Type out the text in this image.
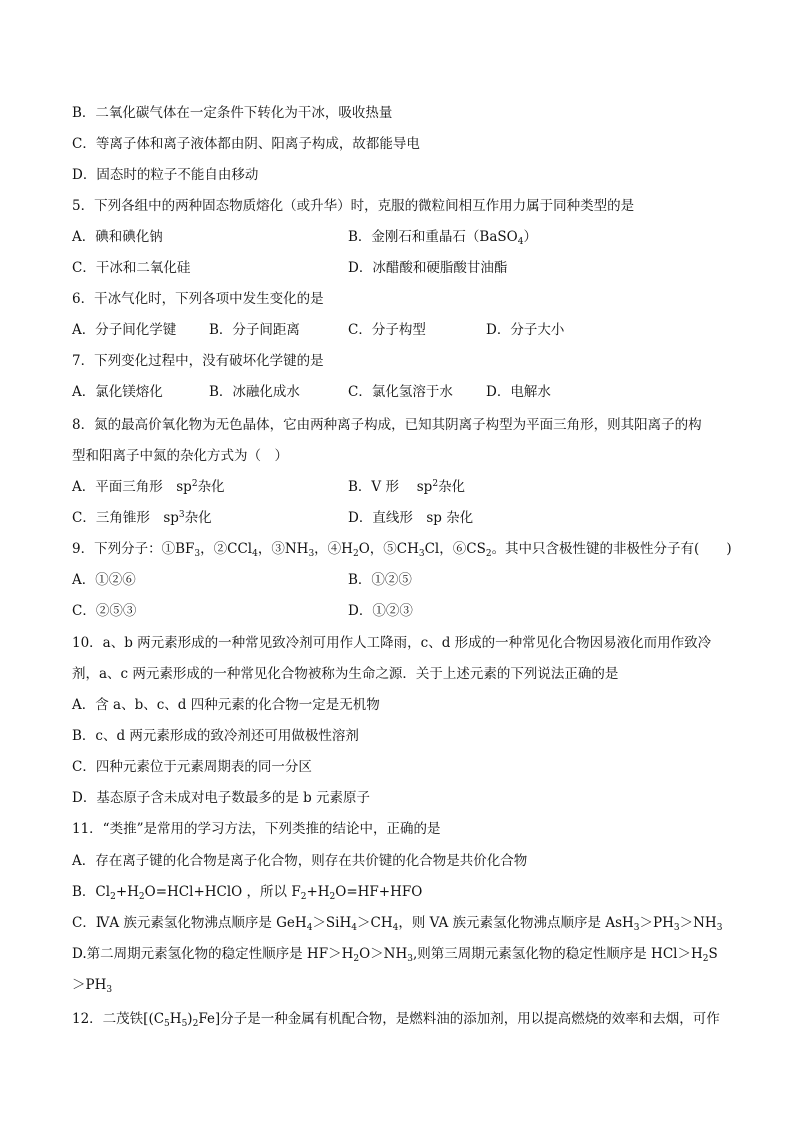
B．二氧化碳气体在一定条件下转化为干冰，吸收热量
C．等离子体和离子液体都由阴、阳离子构成，故都能导电
D．固态时的粒子不能自由移动
5．下列各组中的两种固态物质熔化（或升华）时，克服的微粒间相互作用力属于同种类型的是
A．碘和碘化钠	B．金刚石和重晶石（BaSO$_4$）
C．干冰和二氧化硅	D．冰醋酸和硬脂酸甘油酯
6．干冰气化时，下列各项中发生变化的是
A．分子间化学键 B．分子间距离	C．分子构型	D．分子大小
7．下列变化过程中，没有破坏化学键的是
A．氯化镁熔化	B．冰融化成水	C．氯化氢溶于水 D．电解水
8．氮的最高价氧化物为无色晶体，它由两种离子构成，已知其阴离子构型为平面三角形，则其阳离子的构
型和阳离子中氮的杂化方式为（　）
A．平面三角形　$sp^2$杂化	B．V 形　 $sp^2$杂化
C．三角锥形　$sp^3$杂化	D．直线形　sp 杂化
9．下列分子：$①BF_3$，②CCl$_4$，$③NH_3$，$④H_2O$，$⑤CH_3Cl$，$⑥CS_2$。其中只含极性键的非极性分子有(　　)
A．①②⑥	B．①②⑤
C．②⑤③	D．①②③
10．a、b 两元素形成的一种常见致冷剂可用作人工降雨，c、d 形成的一种常见化合物因易液化而用作致冷
剂，a、c 两元素形成的一种常见化合物被称为生命之源．关于上述元素的下列说法正确的是
A．含 a、b、c、d 四种元素的化合物一定是无机物
B．c、d 两元素形成的致冷剂还可用做极性溶剂
C．四种元素位于元素周期表的同一分区
D．基态原子含未成对电子数最多的是 b 元素原子
11．“类推”是常用的学习方法，下列类推的结论中，正确的是
A．存在离子键的化合物是离子化合物，则存在共价键的化合物是共价化合物
B．$Cl_2+H_2O=HCl+HClO$ ，所以 $F_2+H_2O=HF+HFO$
C．ⅣA 族元素氢化物沸点顺序是 $GeH_4>SiH_4>CH_4$，则 VA 族元素氢化物沸点顺序是 $AsH_3>PH_3>NH_3$
D.第二周期元素氢化物的稳定性顺序是 $HF>H_2O>NH_3$,则第三周期元素氢化物的稳定性顺序是 $HCl>H_2S$
$>PH_3$
12．二茂铁$[(C_5H_5)_2Fe]$分子是一种金属有机配合物，是燃料油的添加剂，用以提高燃烧的效率和去烟，可作
